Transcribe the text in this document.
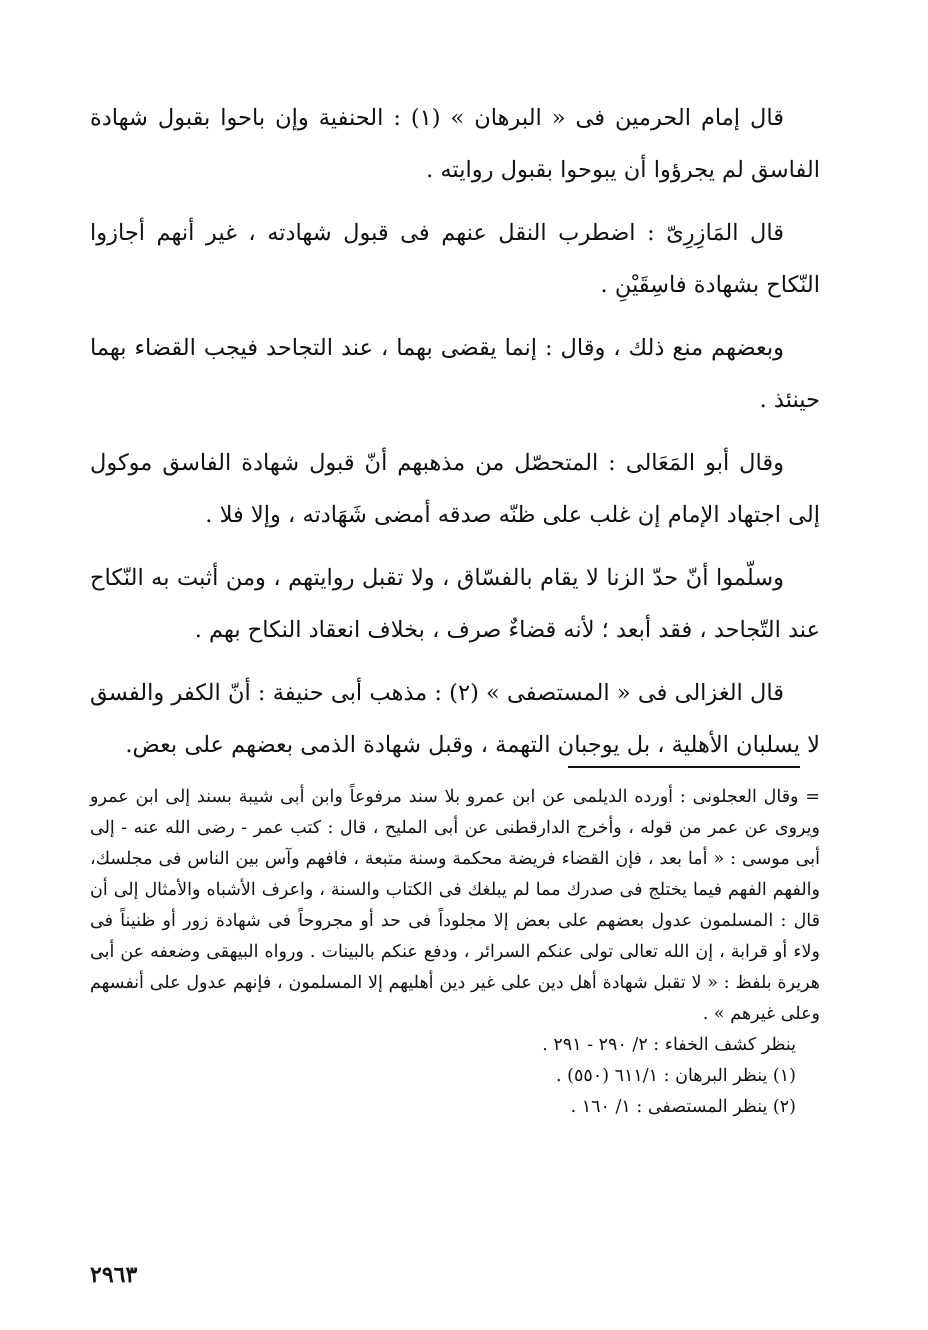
قال إمام الحرمين فى « البرهان » (١) : الحنفية وإن باحوا بقبول شهادة الفاسق لم يجرؤوا أن يبوحوا بقبول روايته .

قال المَازِرِىّ : اضطرب النقل عنهم فى قبول شهادته ، غير أنهم أجازوا النّكاح بشهادة فاسِقَيْنِ .

وبعضهم منع ذلك ، وقال : إنما يقضى بهما ، عند التجاحد فيجب القضاء بهما حينئذ .

وقال أبو المَعَالى : المتحصّل من مذهبهم أنّ قبول شهادة الفاسق موكول إلى اجتهاد الإمام إن غلب على ظنّه صدقه أمضى شَهَادته ، وإلا فلا .

وسلّموا أنّ حدّ الزنا لا يقام بالفسّاق ، ولا تقبل روايتهم ، ومن أثبت به النّكاح عند التّجاحد ، فقد أبعد ؛ لأنه قضاءٌ صرف ، بخلاف انعقاد النكاح بهم .

قال الغزالى فى « المستصفى » (٢) : مذهب أبى حنيفة : أنّ الكفر والفسق لا يسلبان الأهلية ، بل يوجبان التهمة ، وقبل شهادة الذمى بعضهم على بعض.

= وقال العجلونى : أورده الديلمى عن ابن عمرو بلا سند مرفوعاً وابن أبى شيبة بسند إلى ابن عمرو ويروى عن عمر من قوله ، وأخرج الدارقطنى عن أبى المليح ، قال : كتب عمر - رضى الله عنه - إلى أبى موسى : « أما بعد ، فإن القضاء فريضة محكمة وسنة متبعة ، فافهم وآس بين الناس فى مجلسك، والفهم الفهم فيما يختلج فى صدرك مما لم يبلغك فى الكتاب والسنة ، واعرف الأشباه والأمثال إلى أن قال : المسلمون عدول بعضهم على بعض إلا مجلوداً فى حد أو مجروحاً فى شهادة زور أو ظنيناً فى ولاء أو قرابة ، إن الله تعالى تولى عنكم السرائر ، ودفع عنكم بالبينات . ورواه البيهقى وضعفه عن أبى هريرة بلفظ : « لا تقبل شهادة أهل دين على غير دين أهليهم إلا المسلمون ، فإنهم عدول على أنفسهم وعلى غيرهم » .

ينظر كشف الخفاء : ٢/ ٢٩٠ - ٢٩١ .

(١) ينظر البرهان : ٦١١/١ (٥٥٠) .

(٢) ينظر المستصفى : ١/ ١٦٠ .

٢٩٦٣
